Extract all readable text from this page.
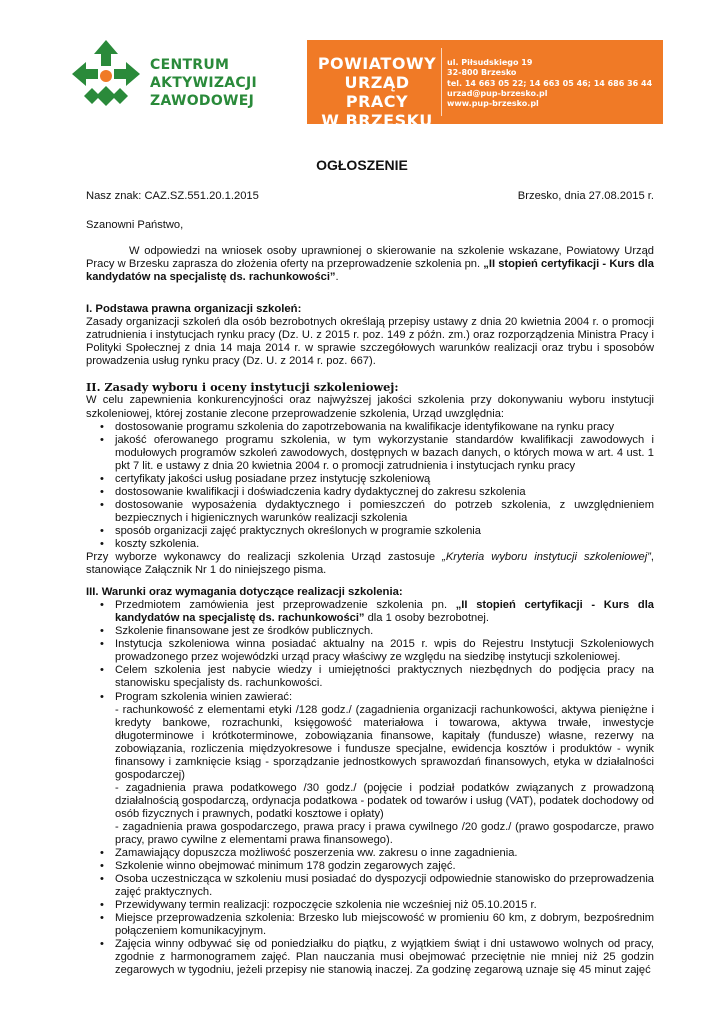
CENTRUM
AKTYWIZACJI
ZAWODOWEJ
POWIATOWY
URZĄD PRACY
W BRZESKU
ul. Piłsudskiego 19
32-800 Brzesko
tel. 14 663 05 22; 14 663 05 46; 14 686 36 44
urzad@pup-brzesko.pl
www.pup-brzesko.pl
OGŁOSZENIE
Nasz znak: CAZ.SZ.551.20.1.2015	Brzesko, dnia 27.08.2015 r.

Szanowni Państwo,

W odpowiedzi na wniosek osoby uprawnionej o skierowanie na szkolenie wskazane, Powiatowy Urząd Pracy w Brzesku zaprasza do złożenia oferty na przeprowadzenie szkolenia pn. „II stopień certyfikacji - Kurs dla kandydatów na specjalistę ds. rachunkowości”.

I. Podstawa prawna organizacji szkoleń:

Zasady organizacji szkoleń dla osób bezrobotnych określają przepisy ustawy z dnia 20 kwietnia 2004 r. o promocji zatrudnienia i instytucjach rynku pracy (Dz. U. z 2015 r. poz. 149 z późn. zm.) oraz rozporządzenia Ministra Pracy i Polityki Społecznej z dnia 14 maja 2014 r. w sprawie szczegółowych warunków realizacji oraz trybu i sposobów prowadzenia usług rynku pracy (Dz. U. z 2014 r. poz. 667).

II. Zasady wyboru i oceny instytucji szkoleniowej:

W celu zapewnienia konkurencyjności oraz najwyższej jakości szkolenia przy dokonywaniu wyboru instytucji szkoleniowej, której zostanie zlecone przeprowadzenie szkolenia, Urząd uwzględnia:

• dostosowanie programu szkolenia do zapotrzebowania na kwalifikacje identyfikowane na rynku pracy
• jakość oferowanego programu szkolenia, w tym wykorzystanie standardów kwalifikacji zawodowych i modułowych programów szkoleń zawodowych, dostępnych w bazach danych, o których mowa w art. 4 ust. 1 pkt 7 lit. e ustawy z dnia 20 kwietnia 2004 r. o promocji zatrudnienia i instytucjach rynku pracy
• certyfikaty jakości usług posiadane przez instytucję szkoleniową
• dostosowanie kwalifikacji i doświadczenia kadry dydaktycznej do zakresu szkolenia
• dostosowanie wyposażenia dydaktycznego i pomieszczeń do potrzeb szkolenia, z uwzględnieniem bezpiecznych i higienicznych warunków realizacji szkolenia
• sposób organizacji zajęć praktycznych określonych w programie szkolenia
• koszty szkolenia.

Przy wyborze wykonawcy do realizacji szkolenia Urząd zastosuje „Kryteria wyboru instytucji szkoleniowej”, stanowiące Załącznik Nr 1 do niniejszego pisma.

III. Warunki oraz wymagania dotyczące realizacji szkolenia:
• Przedmiotem zamówienia jest przeprowadzenie szkolenia pn. „II stopień certyfikacji - Kurs dla kandydatów na specjalistę ds. rachunkowości” dla 1 osoby bezrobotnej.
• Szkolenie finansowane jest ze środków publicznych.
• Instytucja szkoleniowa winna posiadać aktualny na 2015 r. wpis do Rejestru Instytucji Szkoleniowych prowadzonego przez wojewódzki urząd pracy właściwy ze względu na siedzibę instytucji szkoleniowej.
• Celem szkolenia jest nabycie wiedzy i umiejętności praktycznych niezbędnych do podjęcia pracy na stanowisku specjalisty ds. rachunkowości.
• Program szkolenia winien zawierać:
- rachunkowość z elementami etyki /128 godz./ (zagadnienia organizacji rachunkowości, aktywa pieniężne i kredyty bankowe, rozrachunki, księgowość materiałowa i towarowa, aktywa trwałe, inwestycje długoterminowe i krótkoterminowe, zobowiązania finansowe, kapitały (fundusze) własne, rezerwy na zobowiązania, rozliczenia międzyokresowe i fundusze specjalne, ewidencja kosztów i produktów - wynik finansowy i zamknięcie ksiąg - sporządzanie jednostkowych sprawozdań finansowych, etyka w działalności gospodarczej)
- zagadnienia prawa podatkowego /30 godz./ (pojęcie i podział podatków związanych z prowadzoną działalnością gospodarczą, ordynacja podatkowa - podatek od towarów i usług (VAT), podatek dochodowy od osób fizycznych i prawnych, podatki kosztowe i opłaty)
- zagadnienia prawa gospodarczego, prawa pracy i prawa cywilnego /20 godz./ (prawo gospodarcze, prawo pracy, prawo cywilne z elementami prawa finansowego).
• Zamawiający dopuszcza możliwość poszerzenia ww. zakresu o inne zagadnienia.
• Szkolenie winno obejmować minimum 178 godzin zegarowych zajęć.
• Osoba uczestnicząca w szkoleniu musi posiadać do dyspozycji odpowiednie stanowisko do przeprowadzenia zajęć praktycznych.
• Przewidywany termin realizacji: rozpoczęcie szkolenia nie wcześniej niż 05.10.2015 r.
• Miejsce przeprowadzenia szkolenia: Brzesko lub miejscowość w promieniu 60 km, z dobrym, bezpośrednim połączeniem komunikacyjnym.
• Zajęcia winny odbywać się od poniedziałku do piątku, z wyjątkiem świąt i dni ustawowo wolnych od pracy, zgodnie z harmonogramem zajęć. Plan nauczania musi obejmować przeciętnie nie mniej niż 25 godzin zegarowych w tygodniu, jeżeli przepisy nie stanowią inaczej. Za godzinę zegarową uznaje się 45 minut zajęć
